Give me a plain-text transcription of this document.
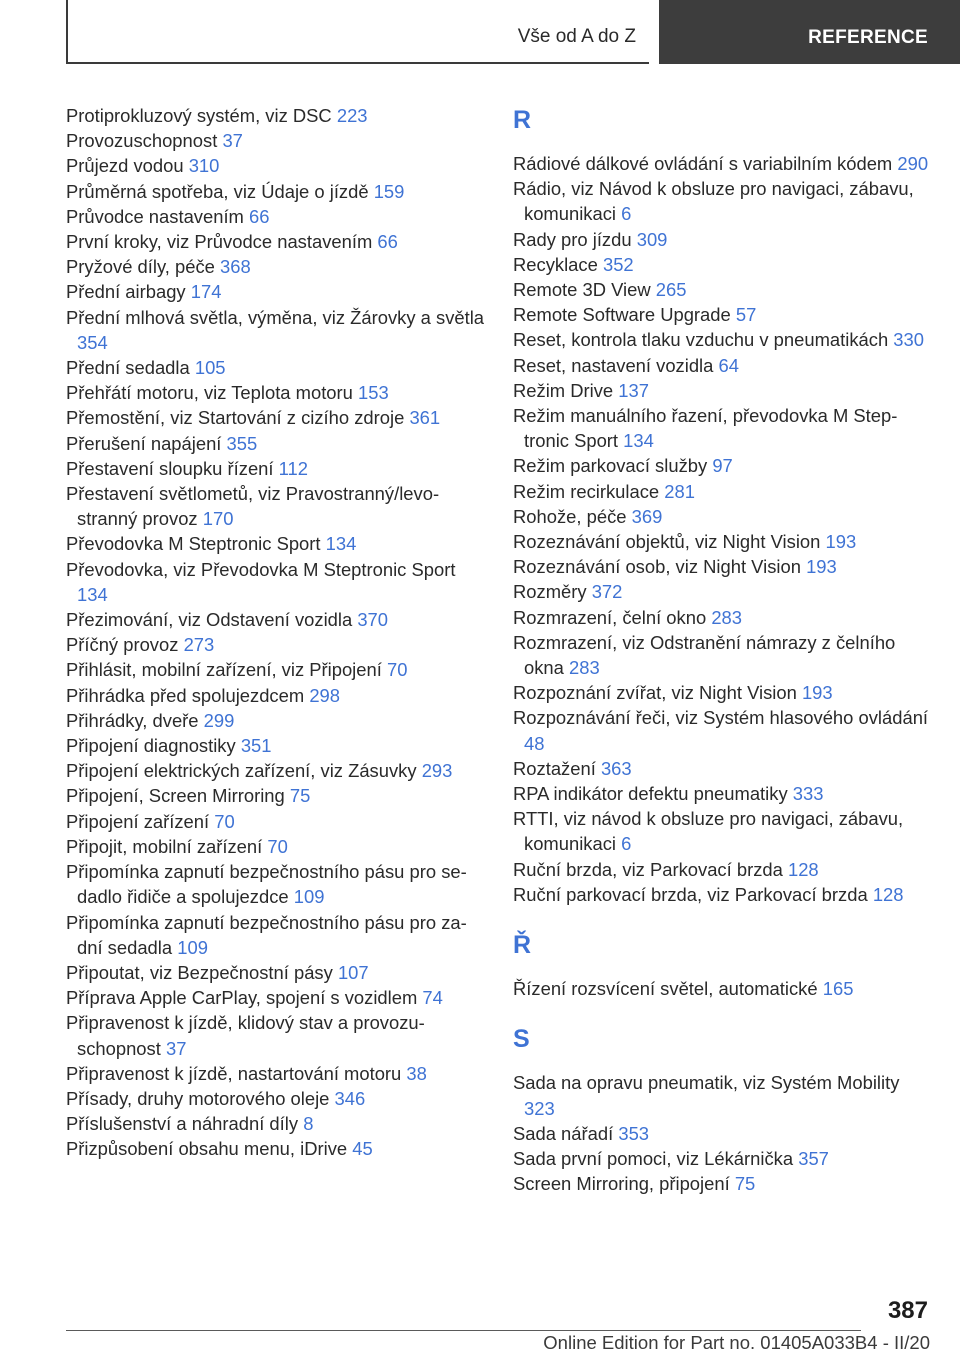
Vše od A do Z	REFERENCE

Protiprokluzový systém, viz DSC 223

Provozuschopnost 37

Průjezd vodou 310

Průměrná spotřeba, viz Údaje o jízdě 159

Průvodce nastavením 66

První kroky, viz Průvodce nastavením 66

Pryžové díly, péče 368

Přední airbagy 174

Přední mlhová světla, výměna, viz Žárovky a světla 354

Přední sedadla 105

Přehřátí motoru, viz Teplota motoru 153

Přemostění, viz Startování z cizího zdroje 361

Přerušení napájení 355

Přestavení sloupku řízení 112

Přestavení světlometů, viz Pravostranný/levostranný provoz 170

Převodovka M Steptronic Sport 134

Převodovka, viz Převodovka M Steptronic Sport 134

Přezimování, viz Odstavení vozidla 370

Příčný provoz 273

Přihlásit, mobilní zařízení, viz Připojení 70

Přihrádka před spolujezdcem 298

Přihrádky, dveře 299

Připojení diagnostiky 351

Připojení elektrických zařízení, viz Zásuvky 293

Připojení, Screen Mirroring 75

Připojení zařízení 70

Připojit, mobilní zařízení 70

Připomínka zapnutí bezpečnostního pásu pro sedadlo řidiče a spolujezdce 109

Připomínka zapnutí bezpečnostního pásu pro zadní sedadla 109

Připoutat, viz Bezpečnostní pásy 107

Příprava Apple CarPlay, spojení s vozidlem 74

Připravenost k jízdě, klidový stav a provozuschopnost 37

Připravenost k jízdě, nastartování motoru 38

Přísady, druhy motorového oleje 346

Příslušenství a náhradní díly 8

Přizpůsobení obsahu menu, iDrive 45

R

Rádiové dálkové ovládání s variabilním kódem 290

Rádio, viz Návod k obsluze pro navigaci, zábavu, komunikaci 6

Rady pro jízdu 309

Recyklace 352

Remote 3D View 265

Remote Software Upgrade 57

Reset, kontrola tlaku vzduchu v pneumatikách 330

Reset, nastavení vozidla 64

Režim Drive 137

Režim manuálního řazení, převodovka M Steptronic Sport 134

Režim parkovací služby 97

Režim recirkulace 281

Rohože, péče 369

Rozeznávání objektů, viz Night Vision 193

Rozeznávání osob, viz Night Vision 193

Rozměry 372

Rozmrazení, čelní okno 283

Rozmrazení, viz Odstranění námrazy z čelního okna 283

Rozpoznání zvířat, viz Night Vision 193

Rozpoznávání řeči, viz Systém hlasového ovládání 48

Roztažení 363

RPA indikátor defektu pneumatiky 333

RTTI, viz návod k obsluze pro navigaci, zábavu, komunikaci 6

Ruční brzda, viz Parkovací brzda 128

Ruční parkovací brzda, viz Parkovací brzda 128

Ř

Řízení rozsvícení světel, automatické 165

S

Sada na opravu pneumatik, viz Systém Mobility 323

Sada nářadí 353

Sada první pomoci, viz Lékárnička 357

Screen Mirroring, připojení 75

387
Online Edition for Part no. 01405A033B4 - II/20
